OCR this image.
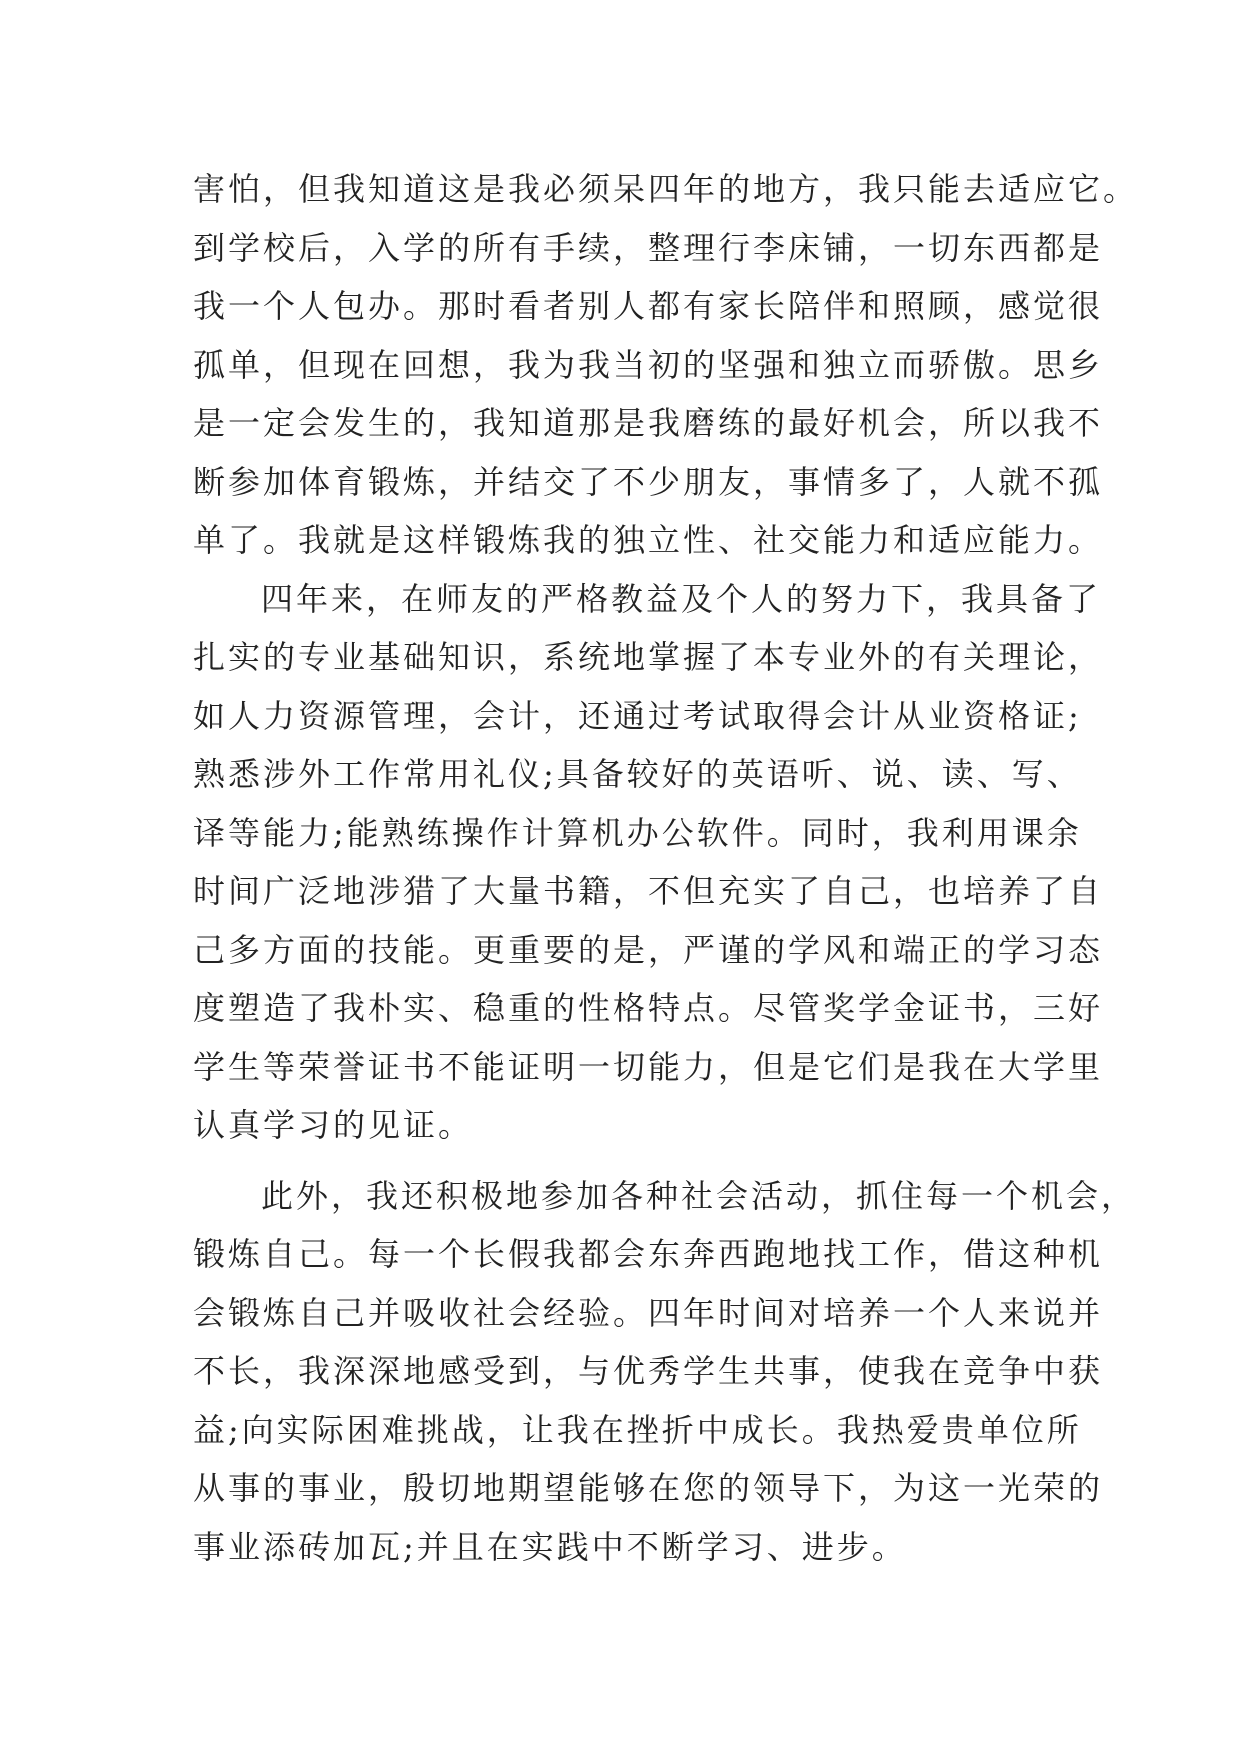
害怕，但我知道这是我必须呆四年的地方，我只能去适应它。
到学校后，入学的所有手续，整理行李床铺，一切东西都是
我一个人包办。那时看者别人都有家长陪伴和照顾，感觉很
孤单，但现在回想，我为我当初的坚强和独立而骄傲。思乡
是一定会发生的，我知道那是我磨练的最好机会，所以我不
断参加体育锻炼，并结交了不少朋友，事情多了，人就不孤
单了。我就是这样锻炼我的独立性、社交能力和适应能力。
四年来，在师友的严格教益及个人的努力下，我具备了
扎实的专业基础知识，系统地掌握了本专业外的有关理论，
如人力资源管理，会计，还通过考试取得会计从业资格证;
熟悉涉外工作常用礼仪;具备较好的英语听、说、读、写、
译等能力;能熟练操作计算机办公软件。同时，我利用课余
时间广泛地涉猎了大量书籍，不但充实了自己，也培养了自
己多方面的技能。更重要的是，严谨的学风和端正的学习态
度塑造了我朴实、稳重的性格特点。尽管奖学金证书，三好
学生等荣誉证书不能证明一切能力，但是它们是我在大学里
认真学习的见证。
此外，我还积极地参加各种社会活动，抓住每一个机会，
锻炼自己。每一个长假我都会东奔西跑地找工作，借这种机
会锻炼自己并吸收社会经验。四年时间对培养一个人来说并
不长，我深深地感受到，与优秀学生共事，使我在竞争中获
益;向实际困难挑战，让我在挫折中成长。我热爱贵单位所
从事的事业，殷切地期望能够在您的领导下，为这一光荣的
事业添砖加瓦;并且在实践中不断学习、进步。
